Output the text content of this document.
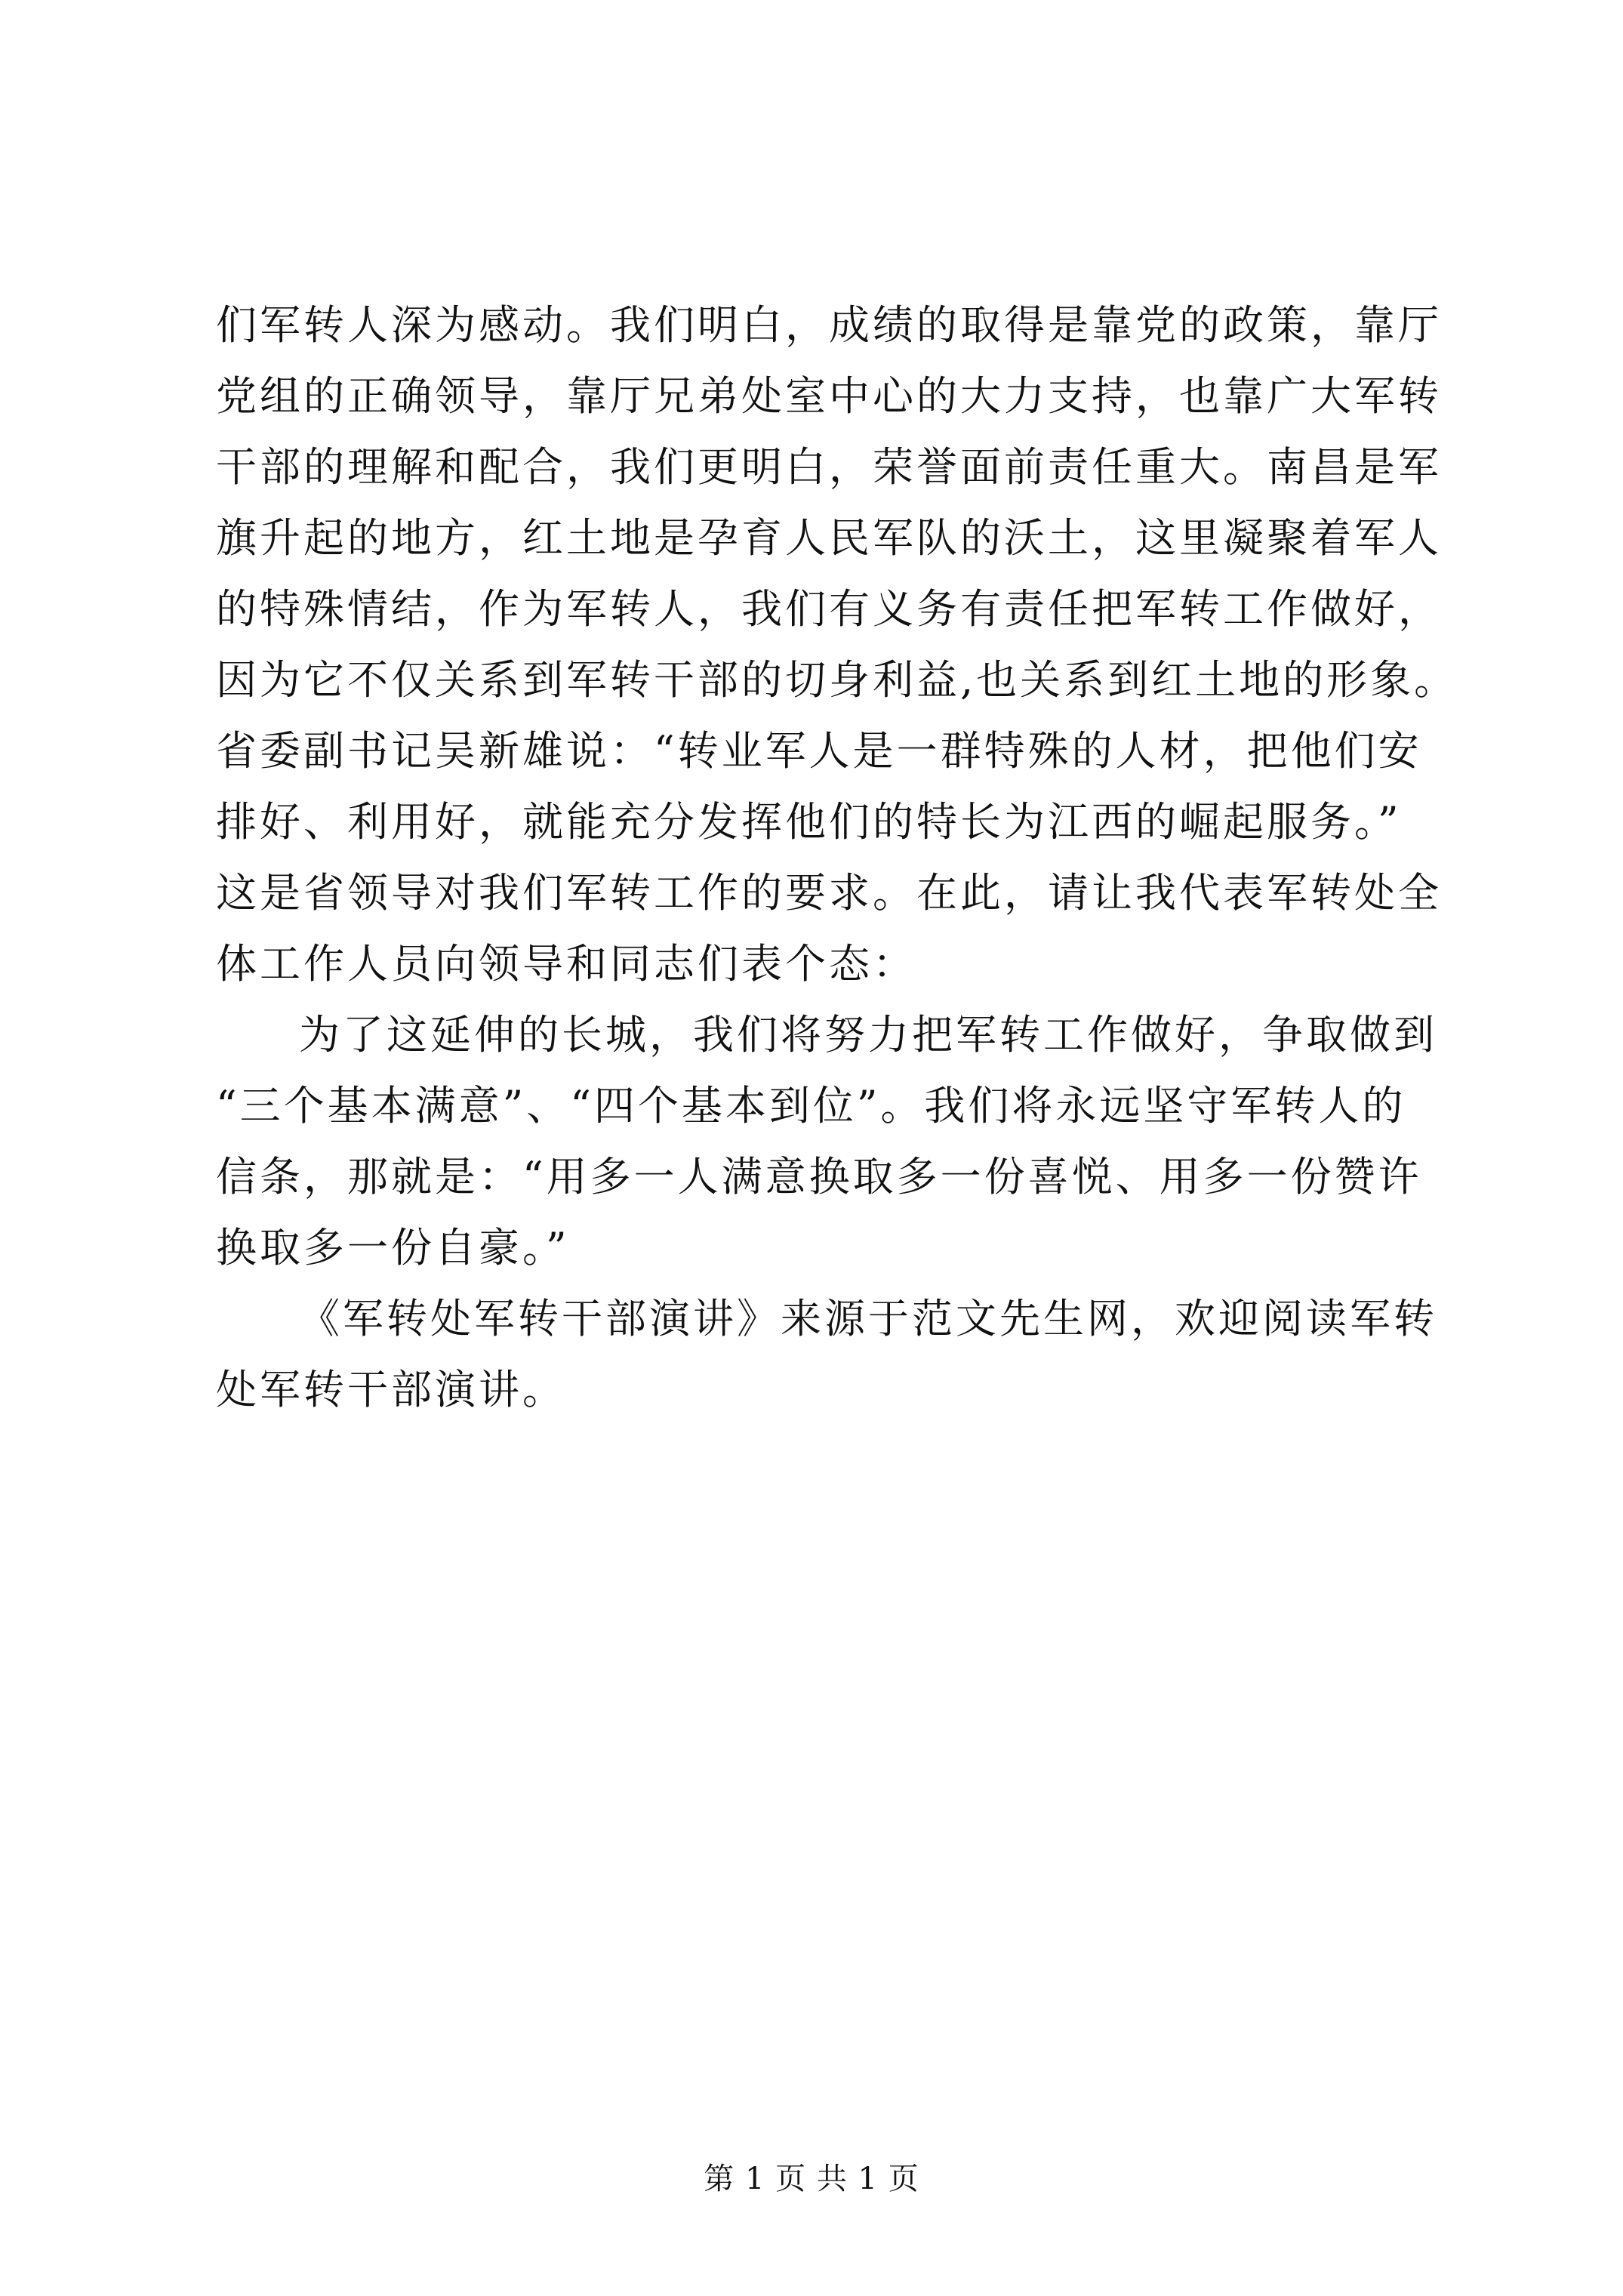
们军转人深为感动。我们明白，成绩的取得是靠党的政策，靠厅
党组的正确领导，靠厅兄弟处室中心的大力支持，也靠广大军转
干部的理解和配合，我们更明白，荣誉面前责任重大。南昌是军
旗升起的地方，红土地是孕育人民军队的沃土，这里凝聚着军人
的特殊情结，作为军转人，我们有义务有责任把军转工作做好，
因为它不仅关系到军转干部的切身利益,也关系到红土地的形象。
省委副书记吴新雄说：“转业军人是一群特殊的人材，把他们安
排好、利用好，就能充分发挥他们的特长为江西的崛起服务。”
这是省领导对我们军转工作的要求。在此，请让我代表军转处全
体工作人员向领导和同志们表个态：
为了这延伸的长城，我们将努力把军转工作做好，争取做到
“三个基本满意”、“四个基本到位”。我们将永远坚守军转人的
信条，那就是：“用多一人满意换取多一份喜悦、用多一份赞许
换取多一份自豪。”
《军转处军转干部演讲》来源于范文先生网，欢迎阅读军转
处军转干部演讲。
第 1 页 共 1 页
